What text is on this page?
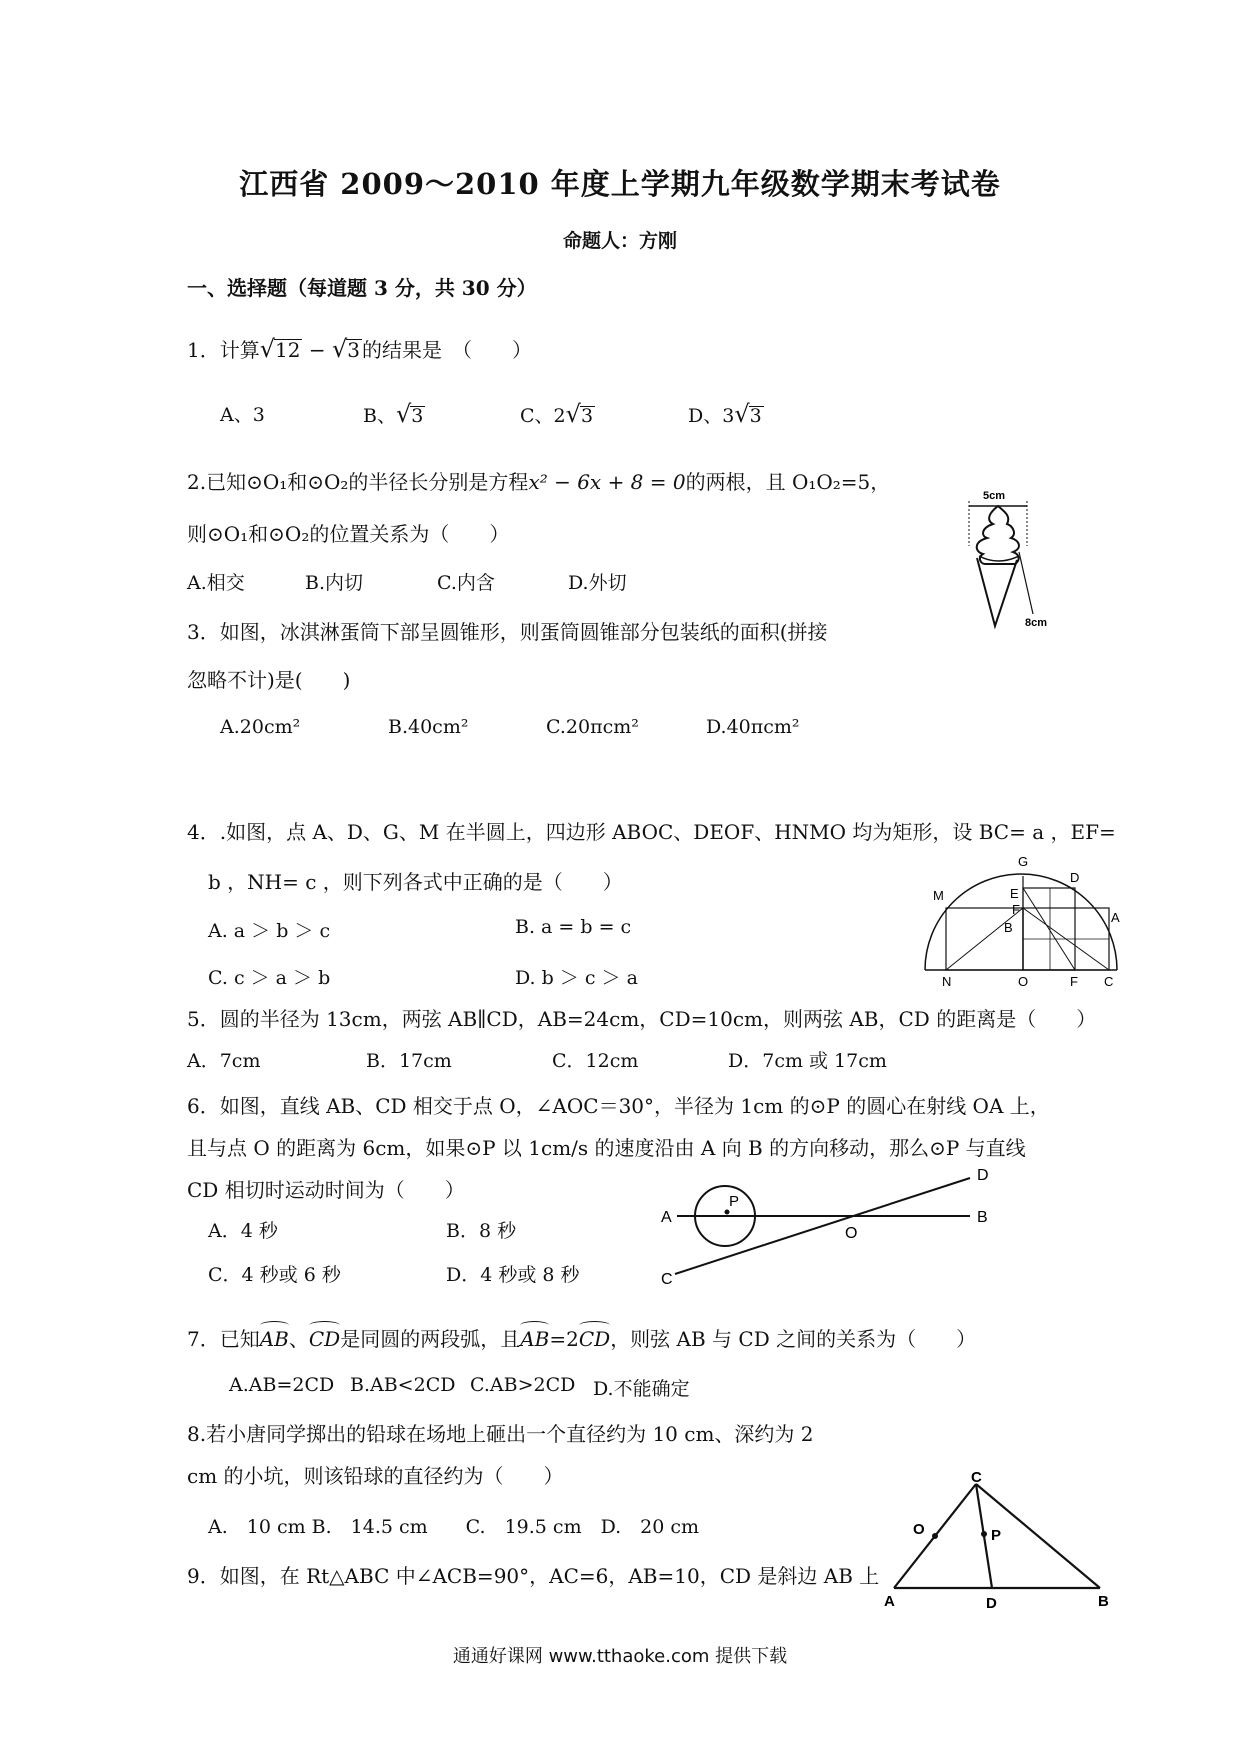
江西省 2009～2010 年度上学期九年级数学期末考试卷
命题人：方刚
一、选择题（每道题 3 分，共 30 分）
1．计算√12 − √3 的结果是　（　　）
A、3	B、√3	C、2√3	D、3√3
2.已知⊙O₁和⊙O₂的半径长分别是方程x² − 6x + 8 = 0的两根，且 O₁O₂=5，
则⊙O₁和⊙O₂的位置关系为（　　）
A.相交	B.内切	C.内含	D.外切
3．如图，冰淇淋蛋筒下部呈圆锥形，则蛋筒圆锥部分包装纸的面积(拼接
忽略不计)是(　　)
A.20cm²	B.40cm²	C.20πcm²	D.40πcm²
5cm
8cm
4．.如图，点 A、D、G、M 在半圆上，四边形 ABOC、DEOF、HNMO 均为矩形，设 BC= a ，EF=
b ，NH= c ，则下列各式中正确的是（　　）
A. a ＞ b ＞ c	B. a = b = c
C. c ＞ a ＞ b	D. b ＞ c ＞ a
G
D
M	E
F
B
A
N	O	F C
5．圆的半径为 13cm，两弦 AB∥CD，AB=24cm，CD=10cm，则两弦 AB，CD 的距离是（　　）
A．7cm	B．17cm	C．12cm	D．7cm 或 17cm
6．如图，直线 AB、CD 相交于点 O，∠AOC＝30°，半径为 1cm 的⊙P 的圆心在射线 OA 上，
且与点 O 的距离为 6cm，如果⊙P 以 1cm/s 的速度沿由 A 向 B 的方向移动，那么⊙P 与直线
CD 相切时运动时间为（　　）
A．4 秒	B．8 秒
C．4 秒或 6 秒	D．4 秒或 8 秒
P
A	B
C
D
O
7．已知AB、CD是同圆的两段弧，且AB=2CD，则弦 AB 与 CD 之间的关系为（　　）
A.AB=2CD B.AB<2CD C.AB>2CD D.不能确定
8.若小唐同学掷出的铅球在场地上砸出一个直径约为 10 cm、深约为 2
cm 的小坑，则该铅球的直径约为（　　）
A.　10 cm B.　14.5 cm　　C.　19.5 cm　D.　20 cm
9．如图，在 Rt△ABC 中∠ACB=90°，AC=6，AB=10，CD 是斜边 AB 上
C
O	P
A	D	B
通通好课网 www.tthaoke.com 提供下载
